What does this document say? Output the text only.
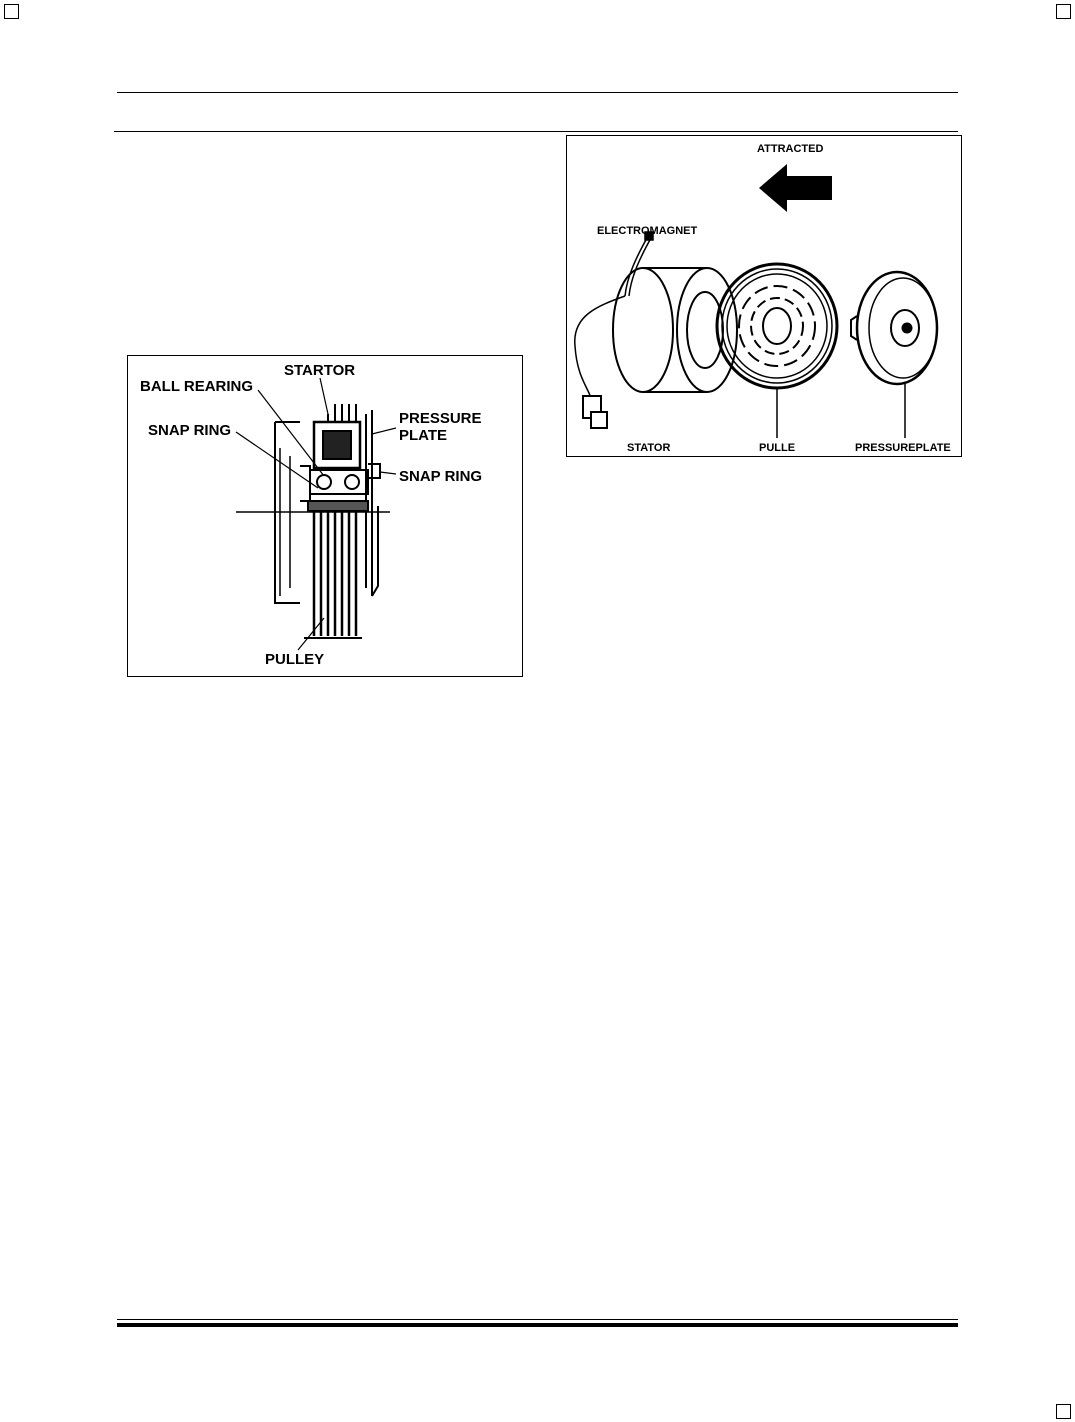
STARTOR
BALL REARING
SNAP RING
PRESSURE
PLATE
SNAP RING
PULLEY
ATTRACTED
ELECTROMAGNET
STATOR	PULLE	PRESSUREPLATE
